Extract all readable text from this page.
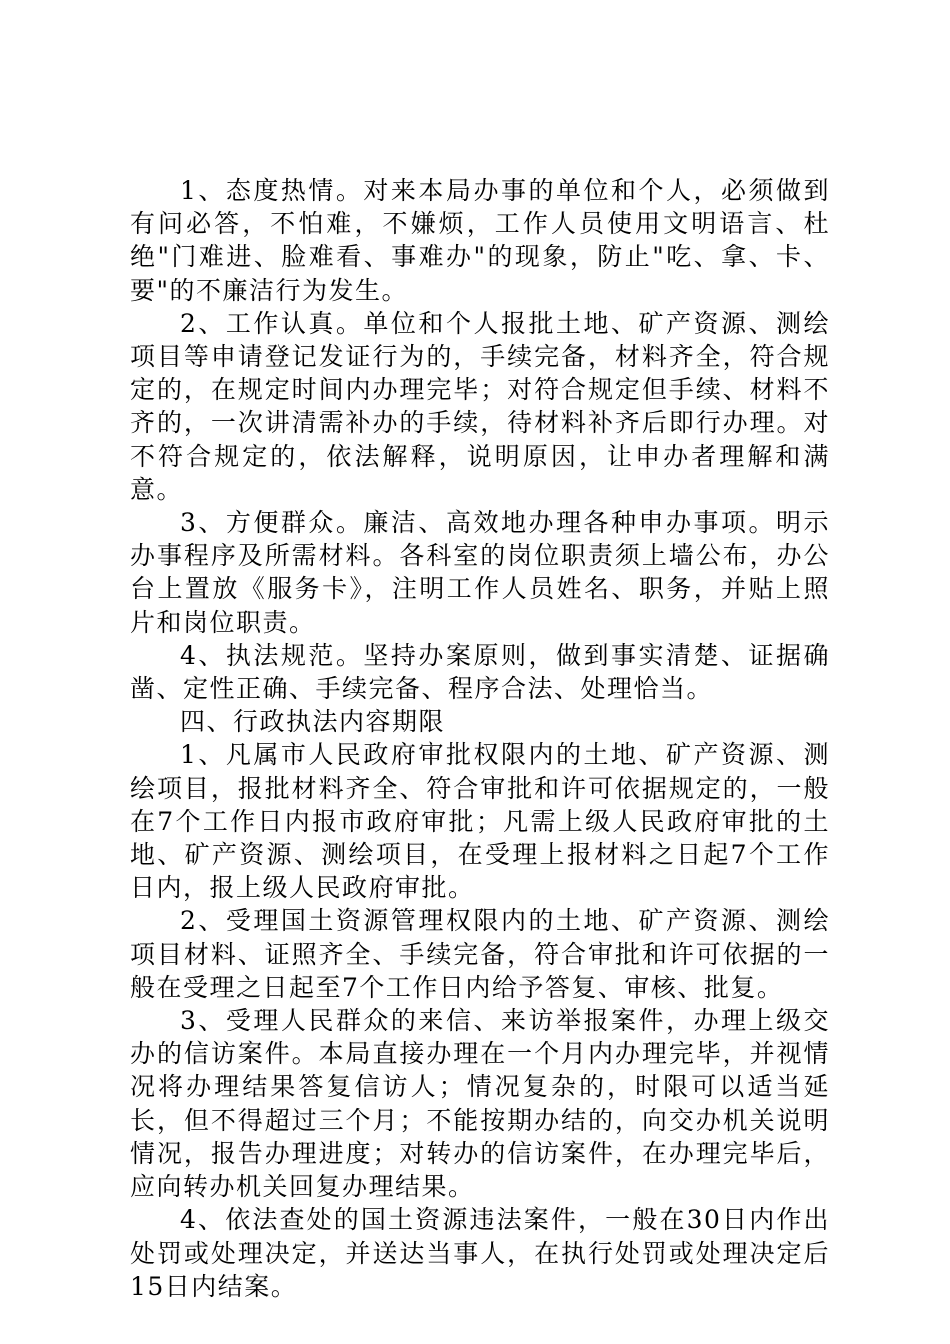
1、态度热情。对来本局办事的单位和个人，必须做到有问必答，不怕难，不嫌烦，工作人员使用文明语言、杜绝"门难进、脸难看、事难办"的现象，防止"吃、拿、卡、要"的不廉洁行为发生。

2、工作认真。单位和个人报批土地、矿产资源、测绘项目等申请登记发证行为的，手续完备，材料齐全，符合规定的，在规定时间内办理完毕；对符合规定但手续、材料不齐的，一次讲清需补办的手续，待材料补齐后即行办理。对不符合规定的，依法解释，说明原因，让申办者理解和满意。

3、方便群众。廉洁、高效地办理各种申办事项。明示办事程序及所需材料。各科室的岗位职责须上墙公布，办公台上置放《服务卡》，注明工作人员姓名、职务，并贴上照片和岗位职责。

4、执法规范。坚持办案原则，做到事实清楚、证据确凿、定性正确、手续完备、程序合法、处理恰当。

四、行政执法内容期限

1、凡属市人民政府审批权限内的土地、矿产资源、测绘项目，报批材料齐全、符合审批和许可依据规定的，一般在7个工作日内报市政府审批；凡需上级人民政府审批的土地、矿产资源、测绘项目，在受理上报材料之日起7个工作日内，报上级人民政府审批。

2、受理国土资源管理权限内的土地、矿产资源、测绘项目材料、证照齐全、手续完备，符合审批和许可依据的一般在受理之日起至7个工作日内给予答复、审核、批复。

3、受理人民群众的来信、来访举报案件，办理上级交办的信访案件。本局直接办理在一个月内办理完毕，并视情况将办理结果答复信访人；情况复杂的，时限可以适当延长，但不得超过三个月；不能按期办结的，向交办机关说明情况，报告办理进度；对转办的信访案件，在办理完毕后，应向转办机关回复办理结果。

4、依法查处的国土资源违法案件，一般在30日内作出处罚或处理决定，并送达当事人，在执行处罚或处理决定后15日内结案。
